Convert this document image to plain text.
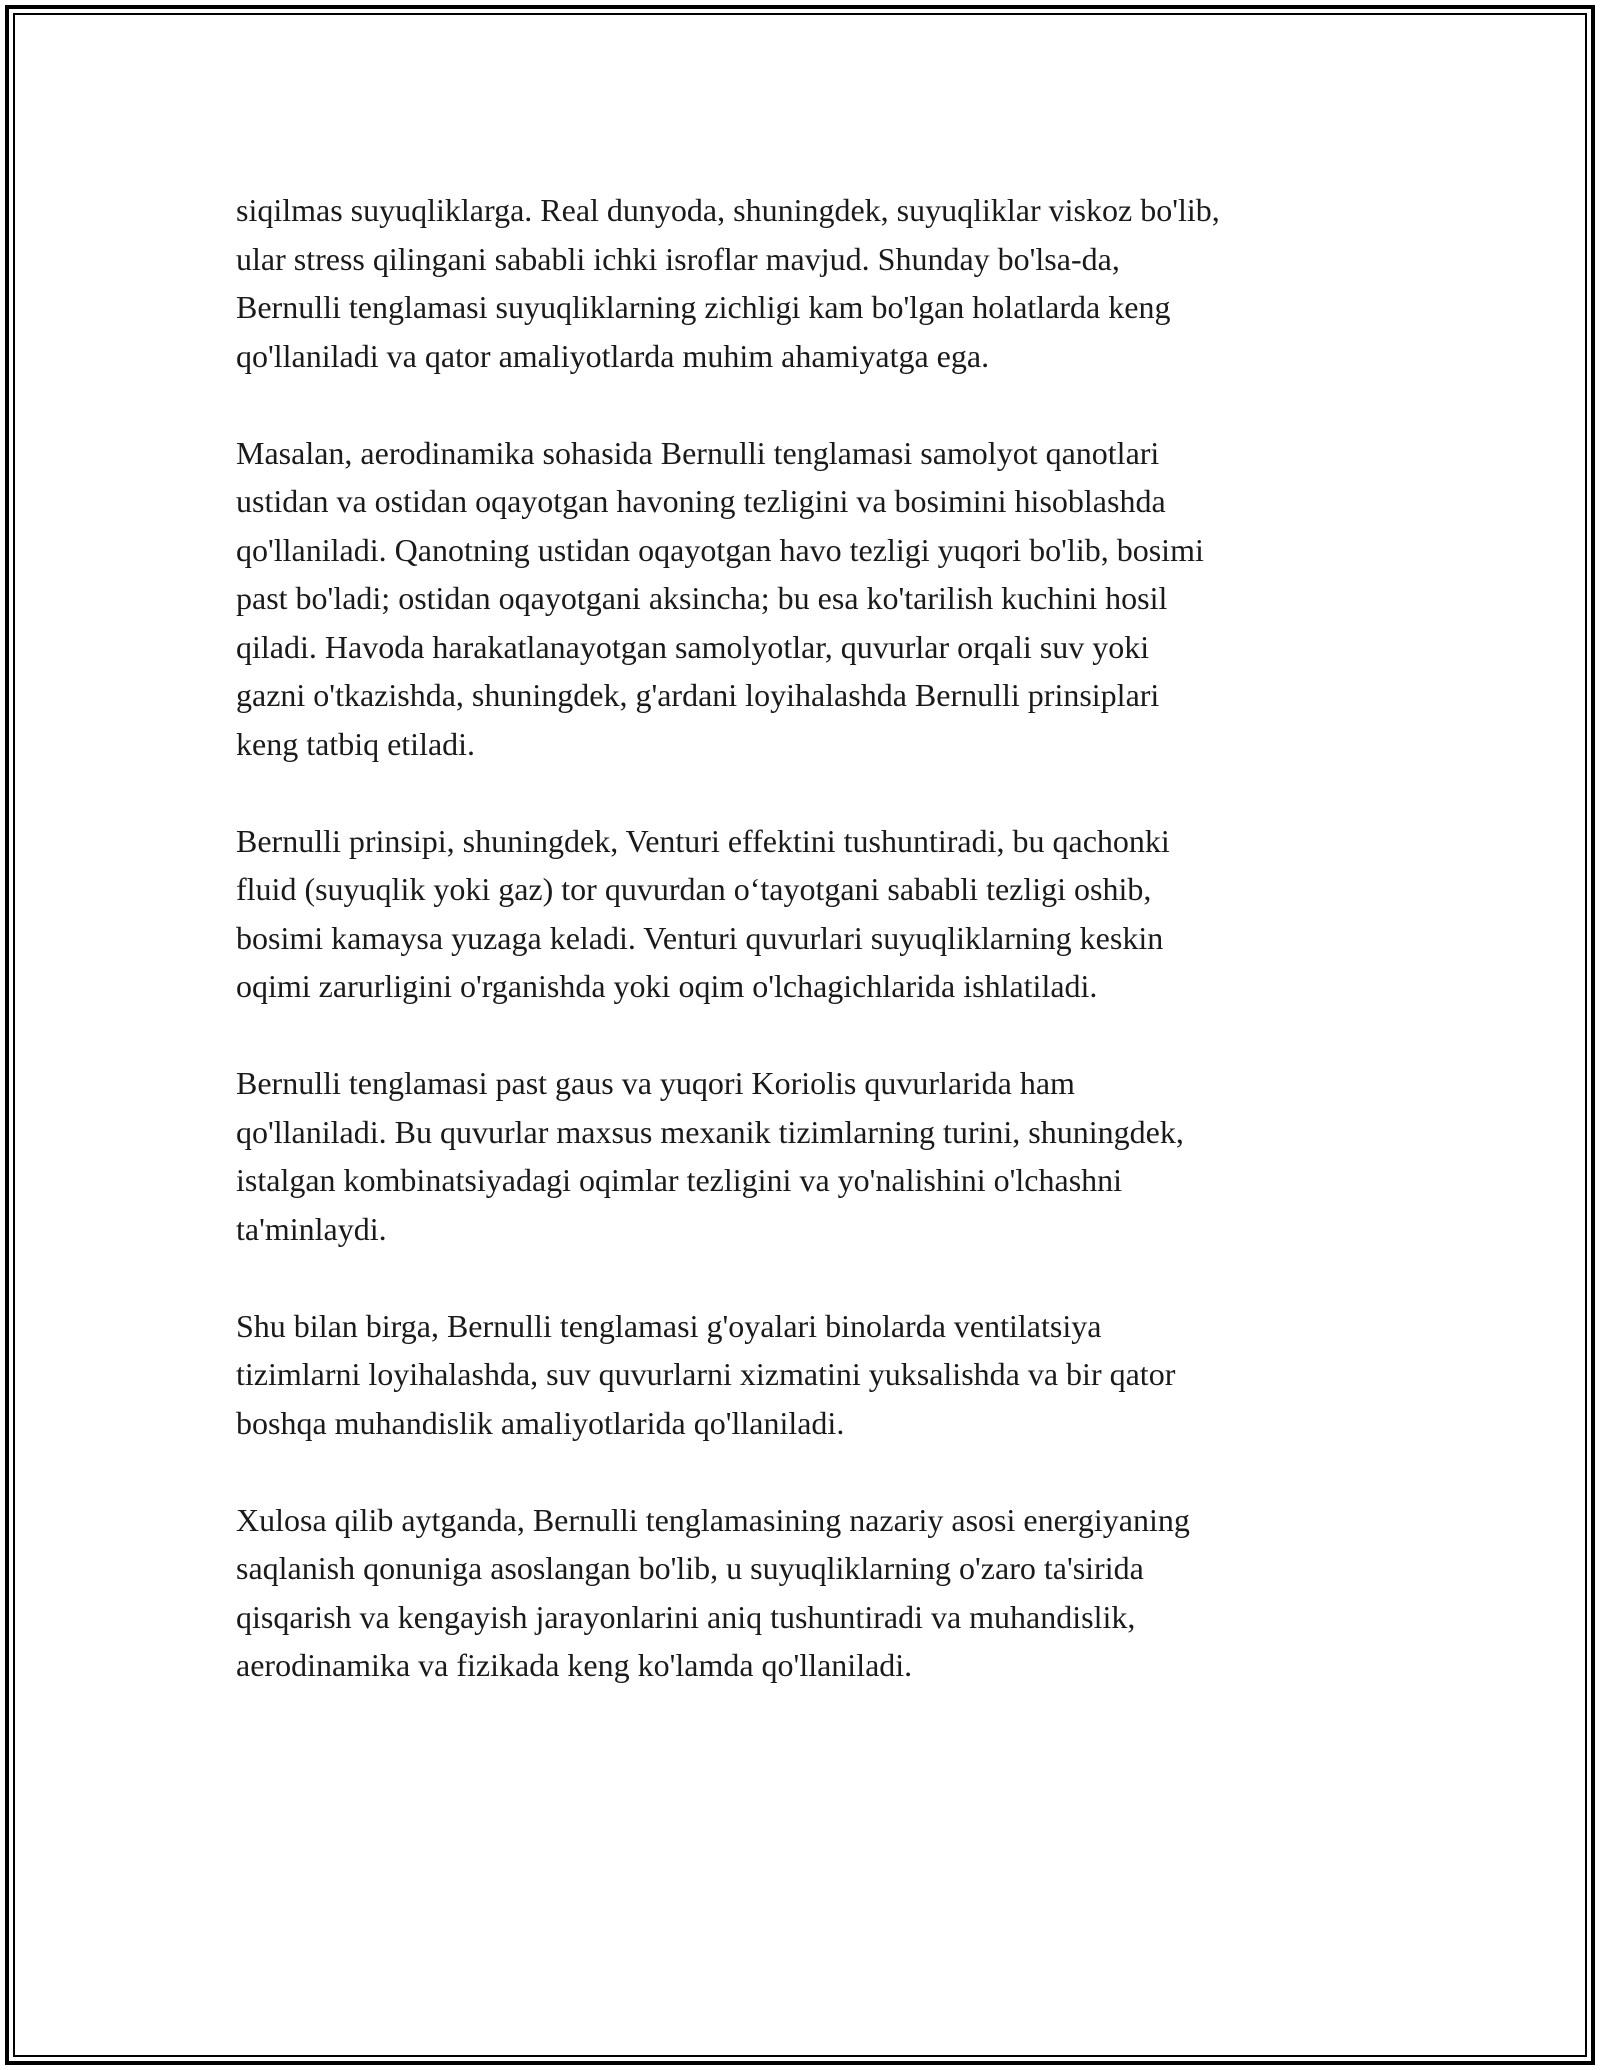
siqilmas suyuqliklarga. Real dunyoda, shuningdek, suyuqliklar viskoz bo'lib,
ular stress qilingani sababli ichki isroflar mavjud. Shunday bo'lsa-da,
Bernulli tenglamasi suyuqliklarning zichligi kam bo'lgan holatlarda keng
qo'llaniladi va qator amaliyotlarda muhim ahamiyatga ega.

Masalan, aerodinamika sohasida Bernulli tenglamasi samolyot qanotlari
ustidan va ostidan oqayotgan havoning tezligini va bosimini hisoblashda
qo'llaniladi. Qanotning ustidan oqayotgan havo tezligi yuqori bo'lib, bosimi
past bo'ladi; ostidan oqayotgani aksincha; bu esa ko'tarilish kuchini hosil
qiladi. Havoda harakatlanayotgan samolyotlar, quvurlar orqali suv yoki
gazni o'tkazishda, shuningdek, g'ardani loyihalashda Bernulli prinsiplari
keng tatbiq etiladi.

Bernulli prinsipi, shuningdek, Venturi effektini tushuntiradi, bu qachonki
fluid (suyuqlik yoki gaz) tor quvurdan o‘tayotgani sababli tezligi oshib,
bosimi kamaysa yuzaga keladi. Venturi quvurlari suyuqliklarning keskin
oqimi zarurligini o'rganishda yoki oqim o'lchagichlarida ishlatiladi.

Bernulli tenglamasi past gaus va yuqori Koriolis quvurlarida ham
qo'llaniladi. Bu quvurlar maxsus mexanik tizimlarning turini, shuningdek,
istalgan kombinatsiyadagi oqimlar tezligini va yo'nalishini o'lchashni
ta'minlaydi.

Shu bilan birga, Bernulli tenglamasi g'oyalari binolarda ventilatsiya
tizimlarni loyihalashda, suv quvurlarni xizmatini yuksalishda va bir qator
boshqa muhandislik amaliyotlarida qo'llaniladi.

Xulosa qilib aytganda, Bernulli tenglamasining nazariy asosi energiyaning
saqlanish qonuniga asoslangan bo'lib, u suyuqliklarning o'zaro ta'sirida
qisqarish va kengayish jarayonlarini aniq tushuntiradi va muhandislik,
aerodinamika va fizikada keng ko'lamda qo'llaniladi.
